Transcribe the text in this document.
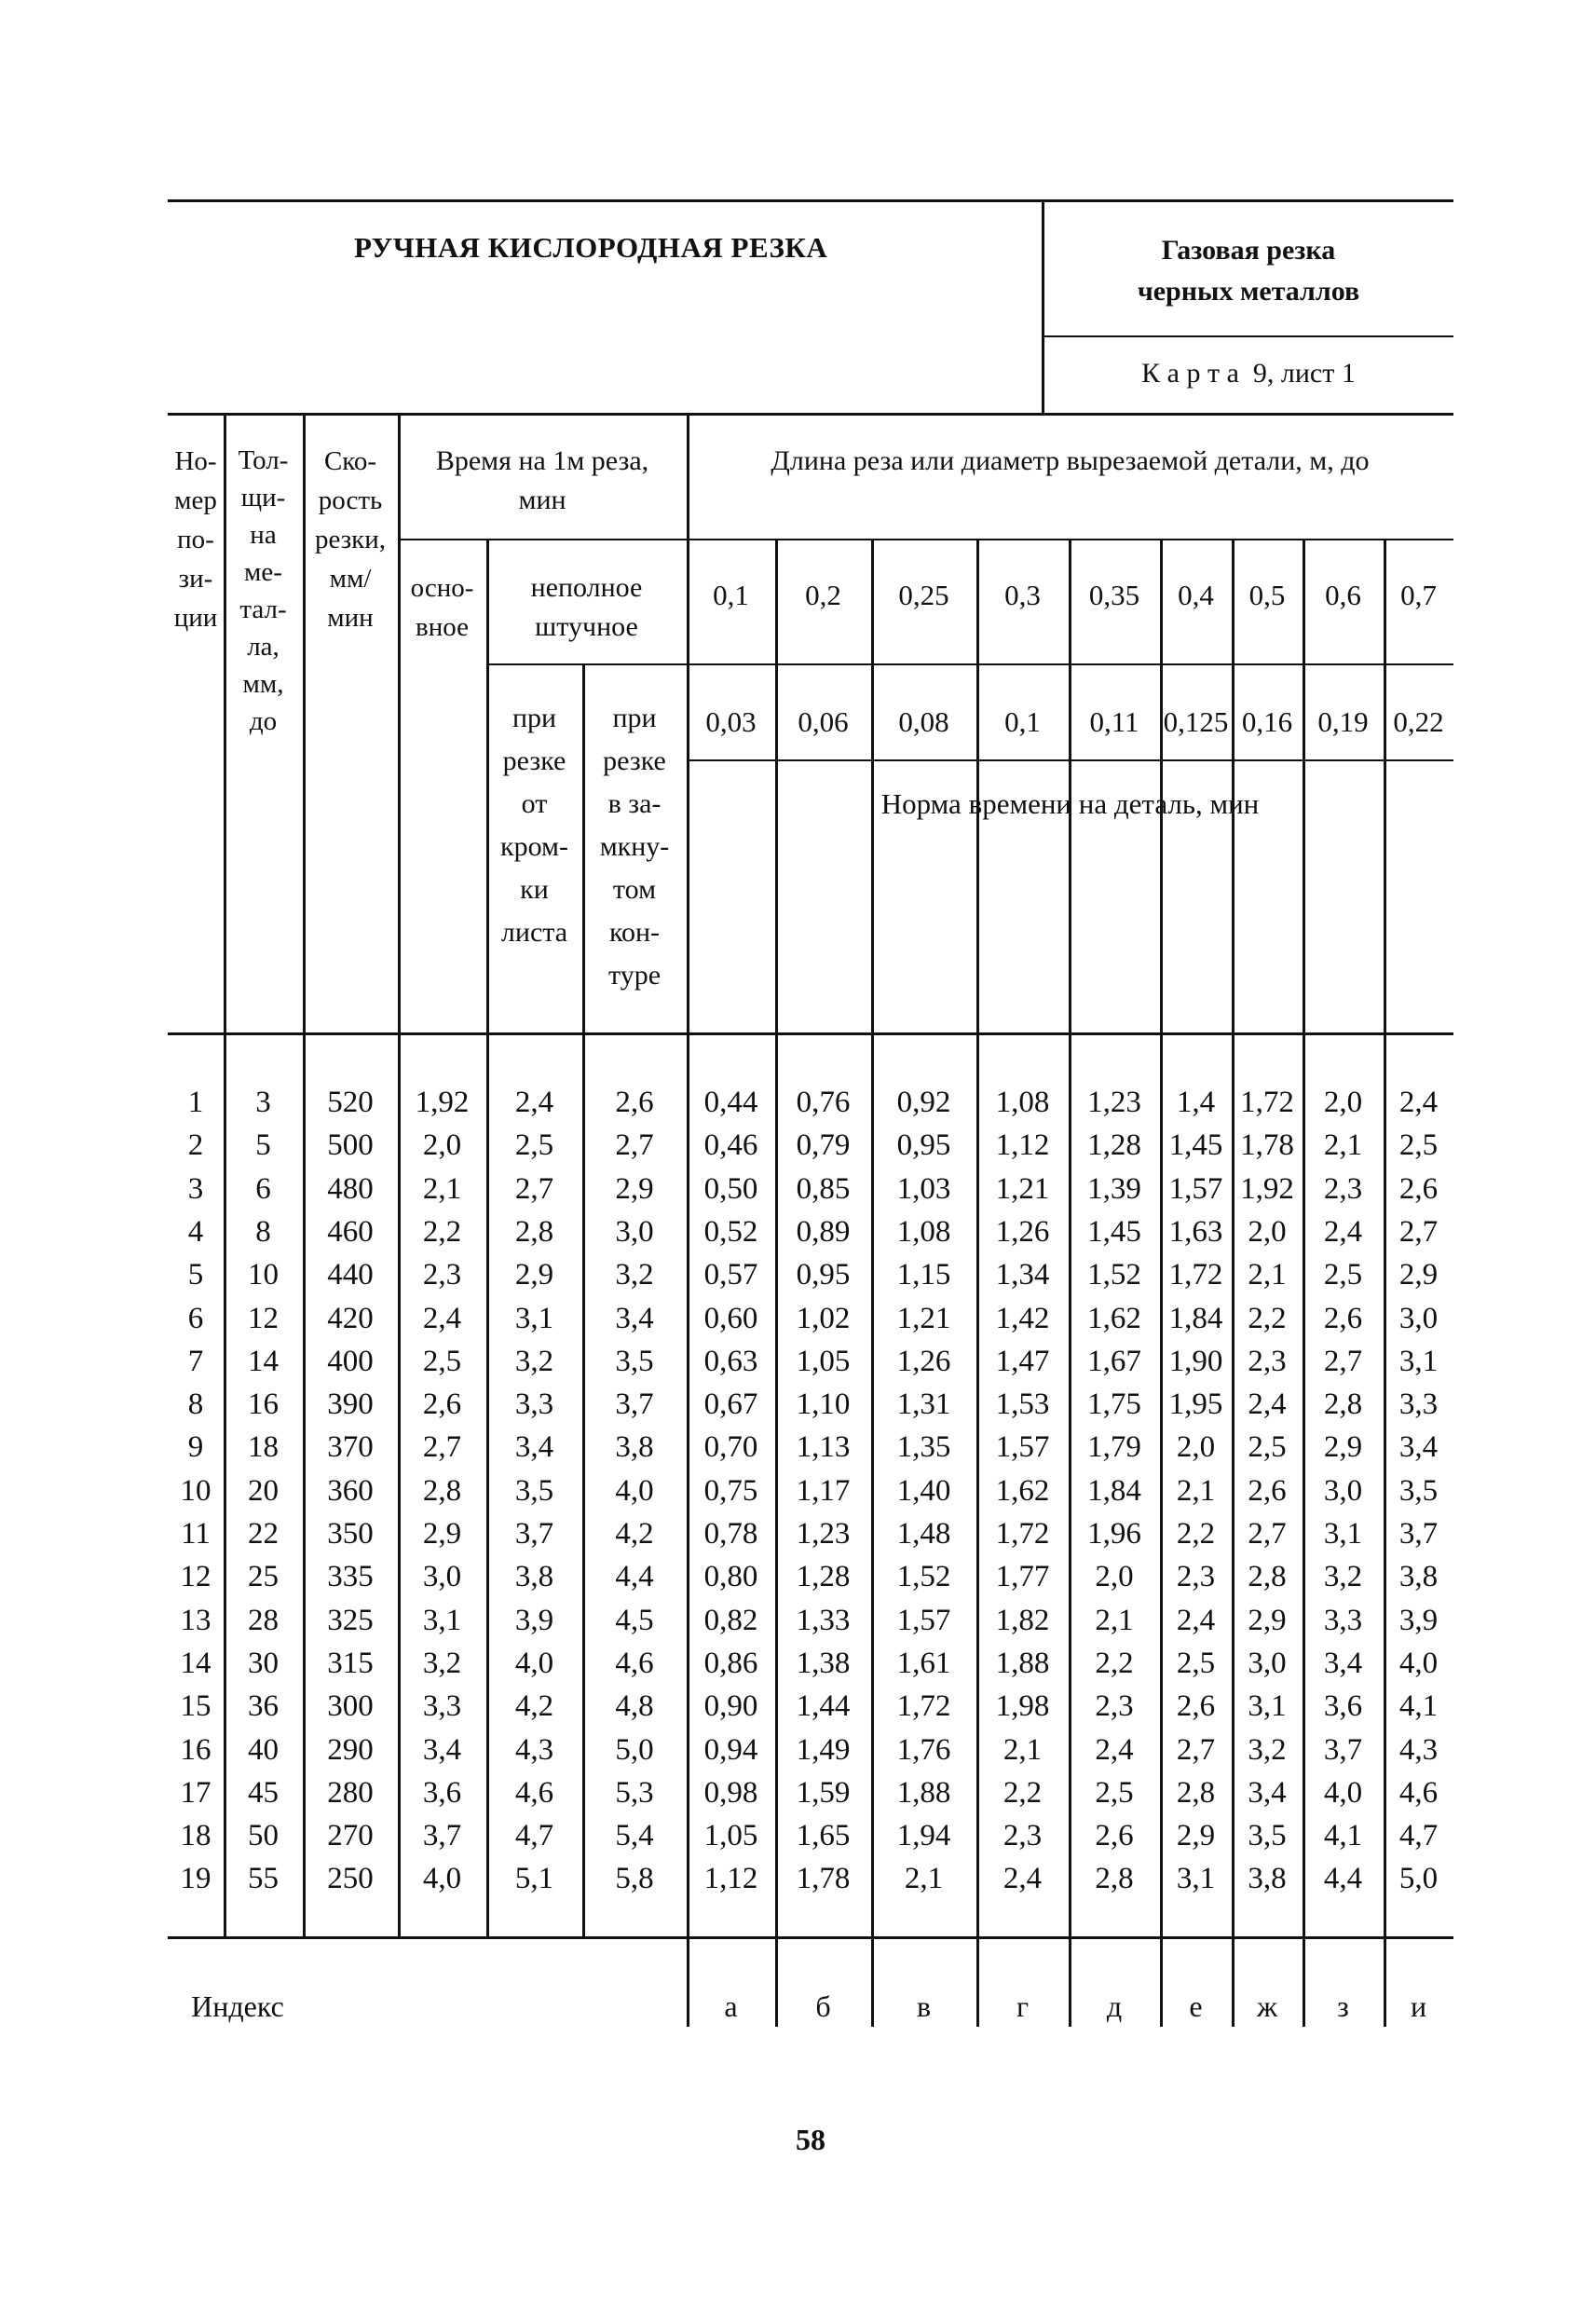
РУЧНАЯ КИСЛОРОДНАЯ РЕЗКА	Газовая резка
черных металлов
К а р т а  9, лист 1
Но-
мер
по-
зи-
ции
Тол-
щи-
на
ме-
тал-
ла,
мм,
до
Ско-
рость
резки,
мм/
мин
Время на 1м реза,
мин
осно-
вное
неполное
штучное
при
резке
от
кром-
ки
листа
при
резке
в за-
мкну-
том
кон-
туре
Длина реза или диаметр вырезаемой детали, м, до
Норма времени на деталь, мин
0,1	0,2	0,25	0,3	0,35	0,4	0,5	0,6	0,7
0,03	0,06	0,08	0,1	0,11 0,125 0,16 0,19 0,22
1	3	520	1,92	2,4	2,6	0,44	0,76	0,92	1,08	1,23	1,4 1,72 2,0	2,4
2	5	500	2,0	2,5	2,7	0,46	0,79	0,95	1,12	1,28 1,45 1,78 2,1	2,5
3	6	480	2,1	2,7	2,9	0,50	0,85	1,03	1,21	1,39 1,57 1,92 2,3	2,6
4	8	460	2,2	2,8	3,0	0,52	0,89	1,08	1,26	1,45 1,63 2,0	2,4	2,7
5	10	440	2,3	2,9	3,2	0,57	0,95	1,15	1,34	1,52 1,72 2,1	2,5	2,9
6	12	420	2,4	3,1	3,4	0,60	1,02	1,21	1,42	1,62 1,84 2,2	2,6	3,0
7	14	400	2,5	3,2	3,5	0,63	1,05	1,26	1,47	1,67 1,90 2,3	2,7	3,1
8	16	390	2,6	3,3	3,7	0,67	1,10	1,31	1,53	1,75 1,95 2,4	2,8	3,3
9	18	370	2,7	3,4	3,8	0,70	1,13	1,35	1,57	1,79	2,0	2,5	2,9	3,4
10	20	360	2,8	3,5	4,0	0,75	1,17	1,40	1,62	1,84	2,1	2,6	3,0	3,5
11	22	350	2,9	3,7	4,2	0,78	1,23	1,48	1,72	1,96	2,2	2,7	3,1	3,7
12	25	335	3,0	3,8	4,4	0,80	1,28	1,52	1,77	2,0	2,3	2,8	3,2	3,8
13	28	325	3,1	3,9	4,5	0,82	1,33	1,57	1,82	2,1	2,4	2,9	3,3	3,9
14	30	315	3,2	4,0	4,6	0,86	1,38	1,61	1,88	2,2	2,5	3,0	3,4	4,0
15	36	300	3,3	4,2	4,8	0,90	1,44	1,72	1,98	2,3	2,6	3,1	3,6	4,1
16	40	290	3,4	4,3	5,0	0,94	1,49	1,76	2,1	2,4	2,7	3,2	3,7	4,3
17	45	280	3,6	4,6	5,3	0,98	1,59	1,88	2,2	2,5	2,8	3,4	4,0	4,6
18	50	270	3,7	4,7	5,4	1,05	1,65	1,94	2,3	2,6	2,9	3,5	4,1	4,7
19	55	250	4,0	5,1	5,8	1,12	1,78	2,1	2,4	2,8	3,1	3,8	4,4	5,0
Индекс	а	б	в	г	д	е	ж	з	и
58
